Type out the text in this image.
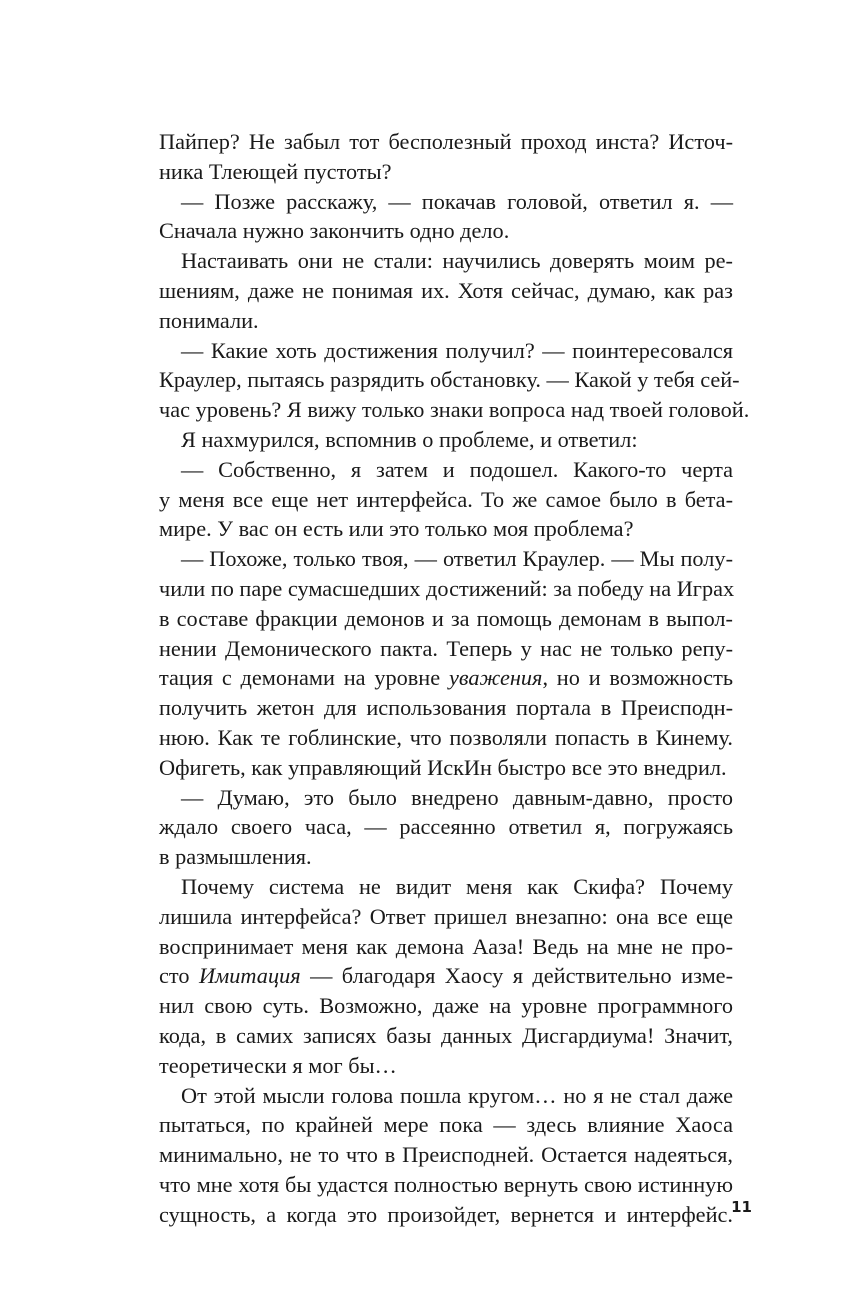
Пайпер? Не забыл тот бесполезный проход инста? Источ-
ника Тлеющей пустоты?
— Позже расскажу, — покачав головой, ответил я. —
Сначала нужно закончить одно дело.
Настаивать они не стали: научились доверять моим ре-
шениям, даже не понимая их. Хотя сейчас, думаю, как раз
понимали.
— Какие хоть достижения получил? — поинтересовался
Краулер, пытаясь разрядить обстановку. — Какой у тебя сей-
час уровень? Я вижу только знаки вопроса над твоей головой.
Я нахмурился, вспомнив о проблеме, и ответил:
— Собственно, я затем и подошел. Какого-то черта
у меня все еще нет интерфейса. То же самое было в бета-
мире. У вас он есть или это только моя проблема?
— Похоже, только твоя, — ответил Краулер. — Мы полу-
чили по паре сумасшедших достижений: за победу на Играх
в составе фракции демонов и за помощь демонам в выпол-
нении Демонического пакта. Теперь у нас не только репу-
тация с демонами на уровне уважения, но и возможность
получить жетон для использования портала в Преисподн-
нюю. Как те гоблинские, что позволяли попасть в Кинему.
Офигеть, как управляющий ИскИн быстро все это внедрил.
— Думаю, это было внедрено давным-давно, просто
ждало своего часа, — рассеянно ответил я, погружаясь
в размышления.
Почему система не видит меня как Скифа? Почему
лишила интерфейса? Ответ пришел внезапно: она все еще
воспринимает меня как демона Ааза! Ведь на мне не про-
сто Имитация — благодаря Хаосу я действительно изме-
нил свою суть. Возможно, даже на уровне программного
кода, в самих записях базы данных Дисгардиума! Значит,
теоретически я мог бы…
От этой мысли голова пошла кругом… но я не стал даже
пытаться, по крайней мере пока — здесь влияние Хаоса
минимально, не то что в Преисподней. Остается надеяться,
что мне хотя бы удастся полностью вернуть свою истинную
сущность, а когда это произойдет, вернется и интерфейс.
11
